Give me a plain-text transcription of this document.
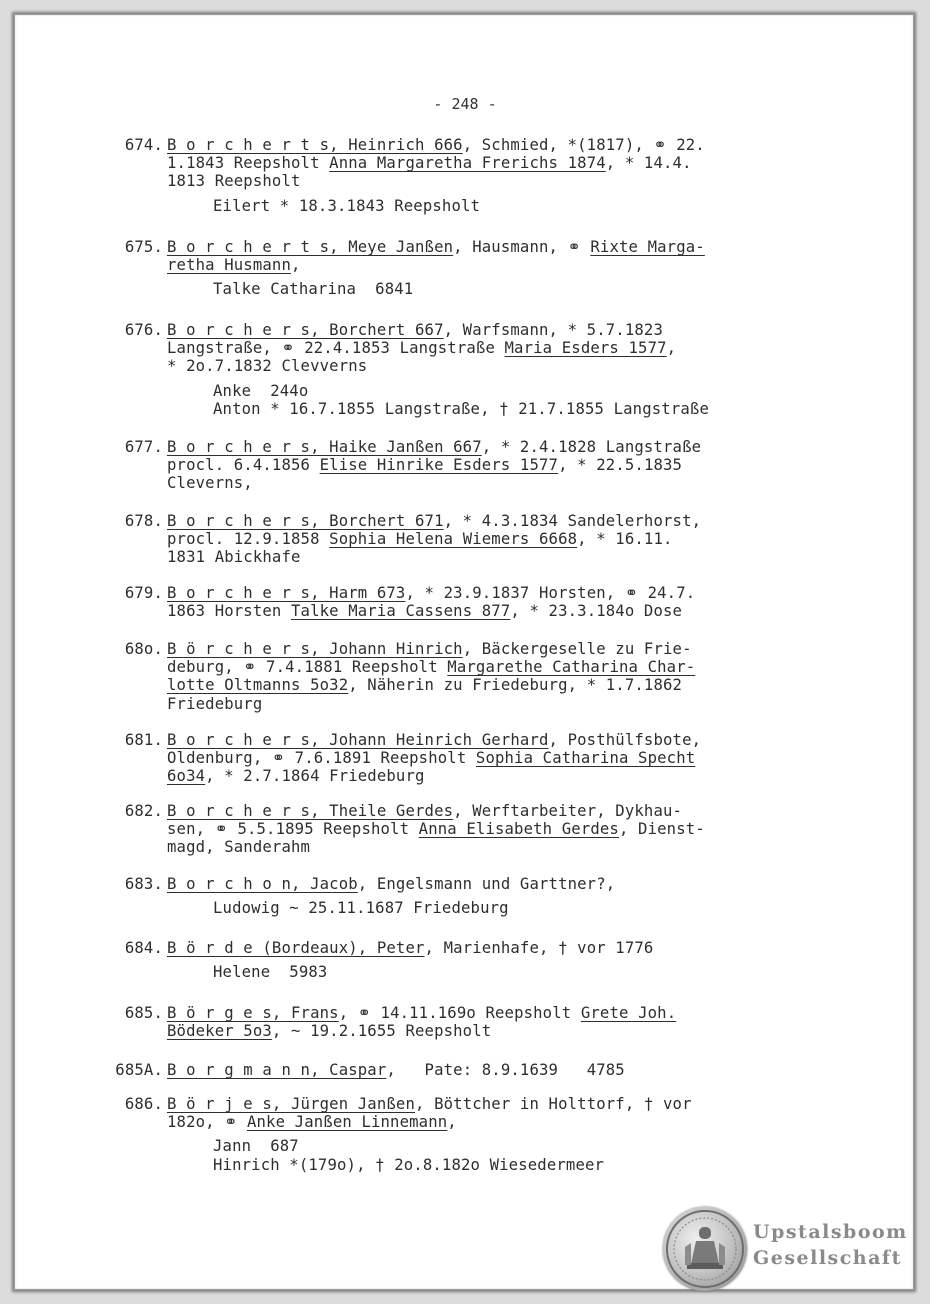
- 248 -
674. B o r c h e r t s, Heinrich 666, Schmied, *(1817), ⚭ 22.
1.1843 Reepsholt Anna Margaretha Frerichs 1874, * 14.4.
1813 Reepsholt
Eilert * 18.3.1843 Reepsholt
675. B o r c h e r t s, Meye Janßen, Hausmann, ⚭ Rixte Marga-
retha Husmann,
Talke Catharina  6841
676. B o r c h e r s, Borchert 667, Warfsmann, * 5.7.1823
Langstraße, ⚭ 22.4.1853 Langstraße Maria Esders 1577,
* 2o.7.1832 Clevverns
Anke  244o
Anton * 16.7.1855 Langstraße, † 21.7.1855 Langstraße
677. B o r c h e r s, Haike Janßen 667, * 2.4.1828 Langstraße
procl. 6.4.1856 Elise Hinrike Esders 1577, * 22.5.1835
Cleverns,
678. B o r c h e r s, Borchert 671, * 4.3.1834 Sandelerhorst,
procl. 12.9.1858 Sophia Helena Wiemers 6668, * 16.11.
1831 Abickhafe
679. B o r c h e r s, Harm 673, * 23.9.1837 Horsten, ⚭ 24.7.
1863 Horsten Talke Maria Cassens 877, * 23.3.184o Dose
68o. B ö r c h e r s, Johann Hinrich, Bäckergeselle zu Frie-
deburg, ⚭ 7.4.1881 Reepsholt Margarethe Catharina Char-
lotte Oltmanns 5o32, Näherin zu Friedeburg, * 1.7.1862
Friedeburg
681. B o r c h e r s, Johann Heinrich Gerhard, Posthülfsbote,
Oldenburg, ⚭ 7.6.1891 Reepsholt Sophia Catharina Specht
6o34, * 2.7.1864 Friedeburg
682. B o r c h e r s, Theile Gerdes, Werftarbeiter, Dykhau-
sen, ⚭ 5.5.1895 Reepsholt Anna Elisabeth Gerdes, Dienst-
magd, Sanderahm
683. B o r c h o n, Jacob, Engelsmann und Garttner?,
Ludowig ~ 25.11.1687 Friedeburg
684. B ö r d e (Bordeaux), Peter, Marienhafe, † vor 1776
Helene  5983
685. B ö r g e s, Frans, ⚭ 14.11.169o Reepsholt Grete Joh.
Bödeker 5o3, ~ 19.2.1655 Reepsholt
685A. B o r g m a n n, Caspar,   Pate: 8.9.1639   4785
686. B ö r j e s, Jürgen Janßen, Böttcher in Holttorf, † vor
182o, ⚭ Anke Janßen Linnemann,
Jann  687
Hinrich *(179o), † 2o.8.182o Wiesedermeer
Upstalsboom
Gesellschaft
